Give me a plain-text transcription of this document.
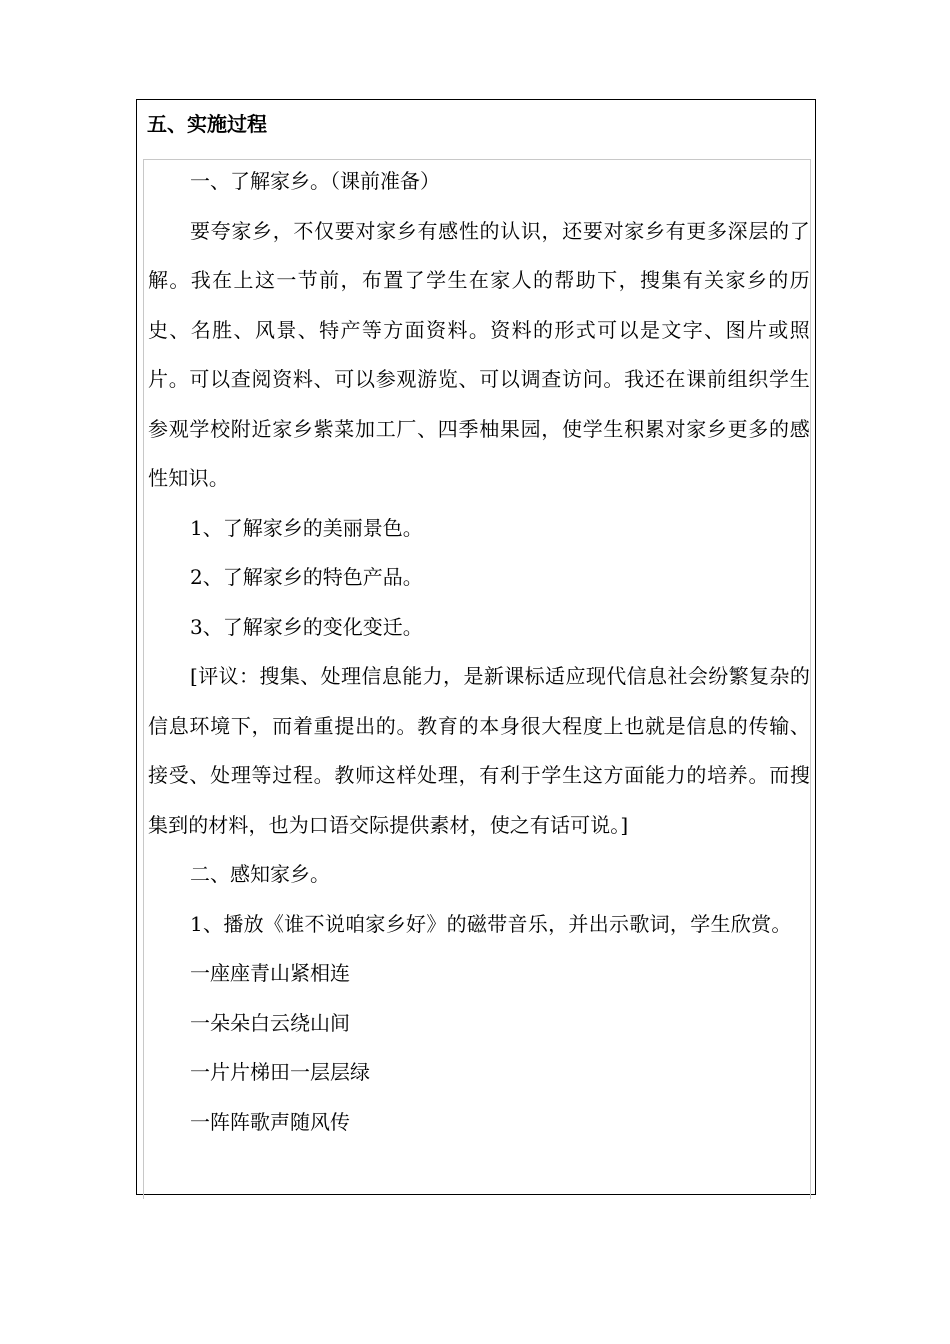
五、实施过程

一、了解家乡。（课前准备）

要夸家乡，不仅要对家乡有感性的认识，还要对家乡有更多深层的了解。我在上这一节前，布置了学生在家人的帮助下，搜集有关家乡的历史、名胜、风景、特产等方面资料。资料的形式可以是文字、图片或照片。可以查阅资料、可以参观游览、可以调查访问。我还在课前组织学生参观学校附近家乡紫菜加工厂、四季柚果园，使学生积累对家乡更多的感性知识。

1、了解家乡的美丽景色。

2、了解家乡的特色产品。

3、了解家乡的变化变迁。

[评议：搜集、处理信息能力，是新课标适应现代信息社会纷繁复杂的信息环境下，而着重提出的。教育的本身很大程度上也就是信息的传输、接受、处理等过程。教师这样处理，有利于学生这方面能力的培养。而搜集到的材料，也为口语交际提供素材，使之有话可说。]

二、感知家乡。

1、播放《谁不说咱家乡好》的磁带音乐，并出示歌词，学生欣赏。

一座座青山紧相连

一朵朵白云绕山间

一片片梯田一层层绿

一阵阵歌声随风传
